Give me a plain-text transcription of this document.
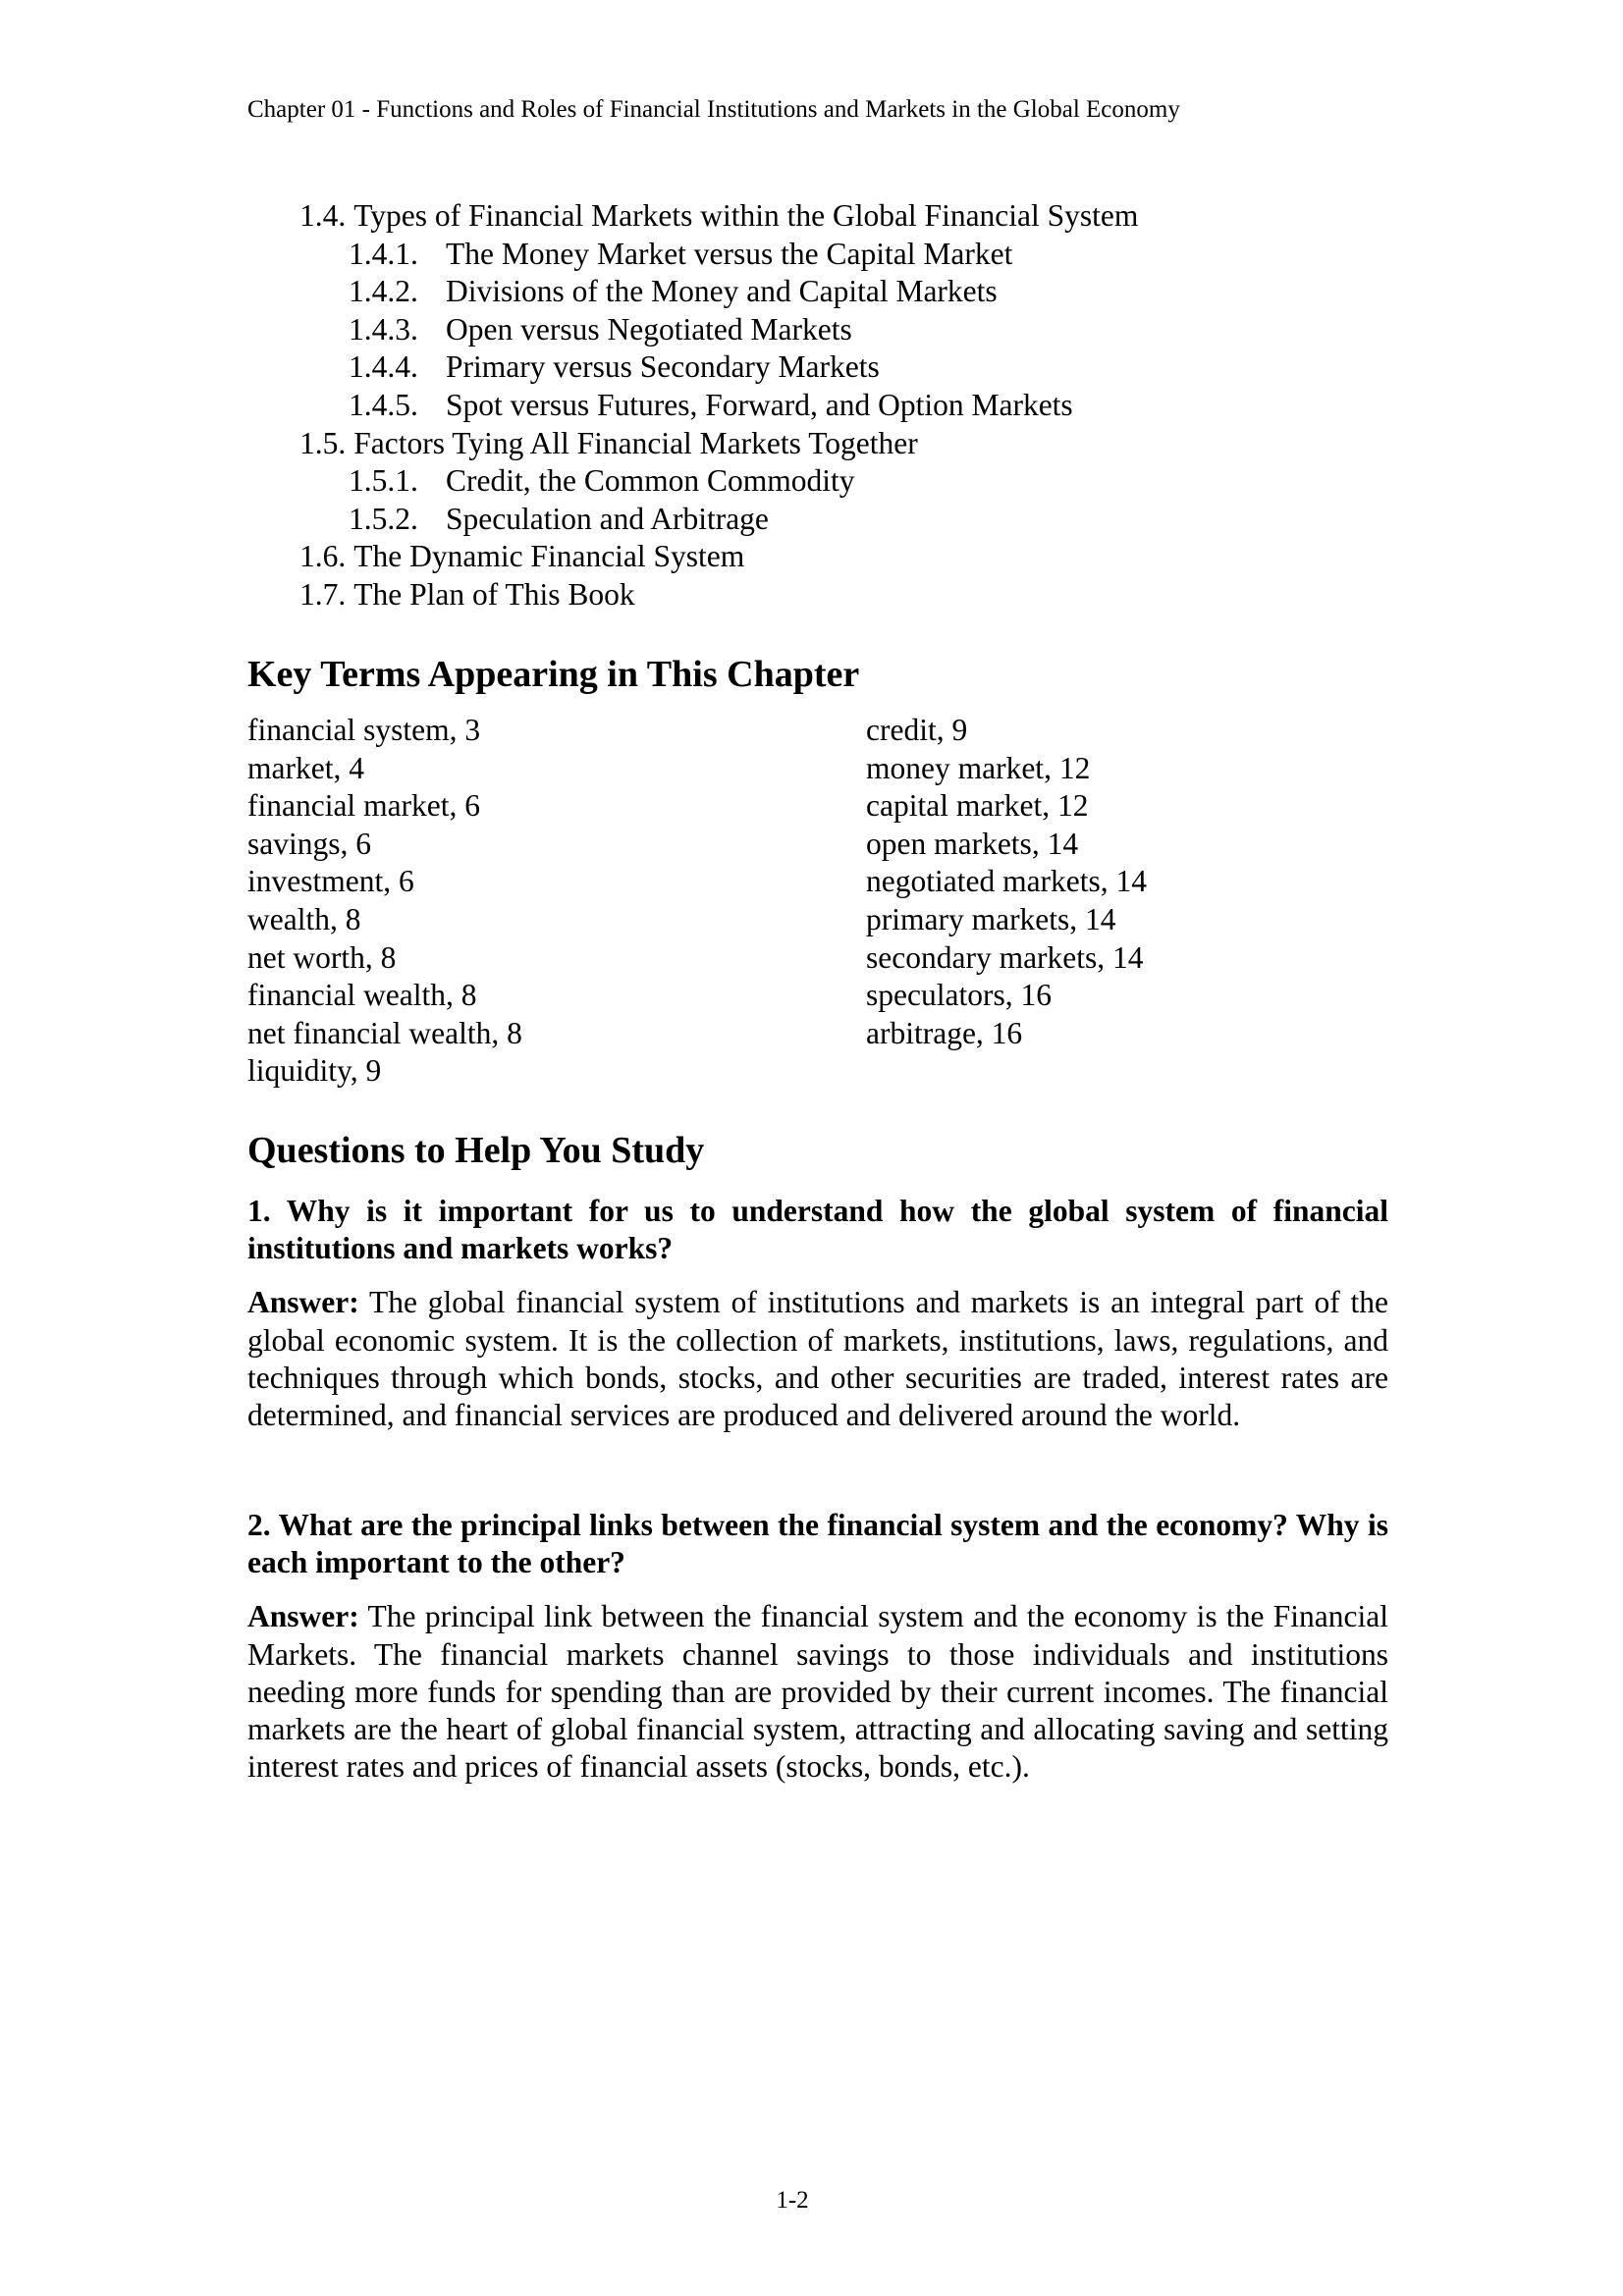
Chapter 01 - Functions and Roles of Financial Institutions and Markets in the Global Economy
1.4. Types of Financial Markets within the Global Financial System
1.4.1. The Money Market versus the Capital Market
1.4.2. Divisions of the Money and Capital Markets
1.4.3. Open versus Negotiated Markets
1.4.4. Primary versus Secondary Markets
1.4.5. Spot versus Futures, Forward, and Option Markets
1.5. Factors Tying All Financial Markets Together
1.5.1. Credit, the Common Commodity
1.5.2. Speculation and Arbitrage
1.6. The Dynamic Financial System
1.7. The Plan of This Book
Key Terms Appearing in This Chapter
financial system, 3
market, 4
financial market, 6
savings, 6
investment, 6
wealth, 8
net worth, 8
financial wealth, 8
net financial wealth, 8
liquidity, 9
credit, 9
money market, 12
capital market, 12
open markets, 14
negotiated markets, 14
primary markets, 14
secondary markets, 14
speculators, 16
arbitrage, 16
Questions to Help You Study
1. Why is it important for us to understand how the global system of financial institutions and markets works?
Answer: The global financial system of institutions and markets is an integral part of the global economic system. It is the collection of markets, institutions, laws, regulations, and techniques through which bonds, stocks, and other securities are traded, interest rates are determined, and financial services are produced and delivered around the world.
2. What are the principal links between the financial system and the economy? Why is each important to the other?
Answer: The principal link between the financial system and the economy is the Financial Markets. The financial markets channel savings to those individuals and institutions needing more funds for spending than are provided by their current incomes. The financial markets are the heart of global financial system, attracting and allocating saving and setting interest rates and prices of financial assets (stocks, bonds, etc.).
1-2
